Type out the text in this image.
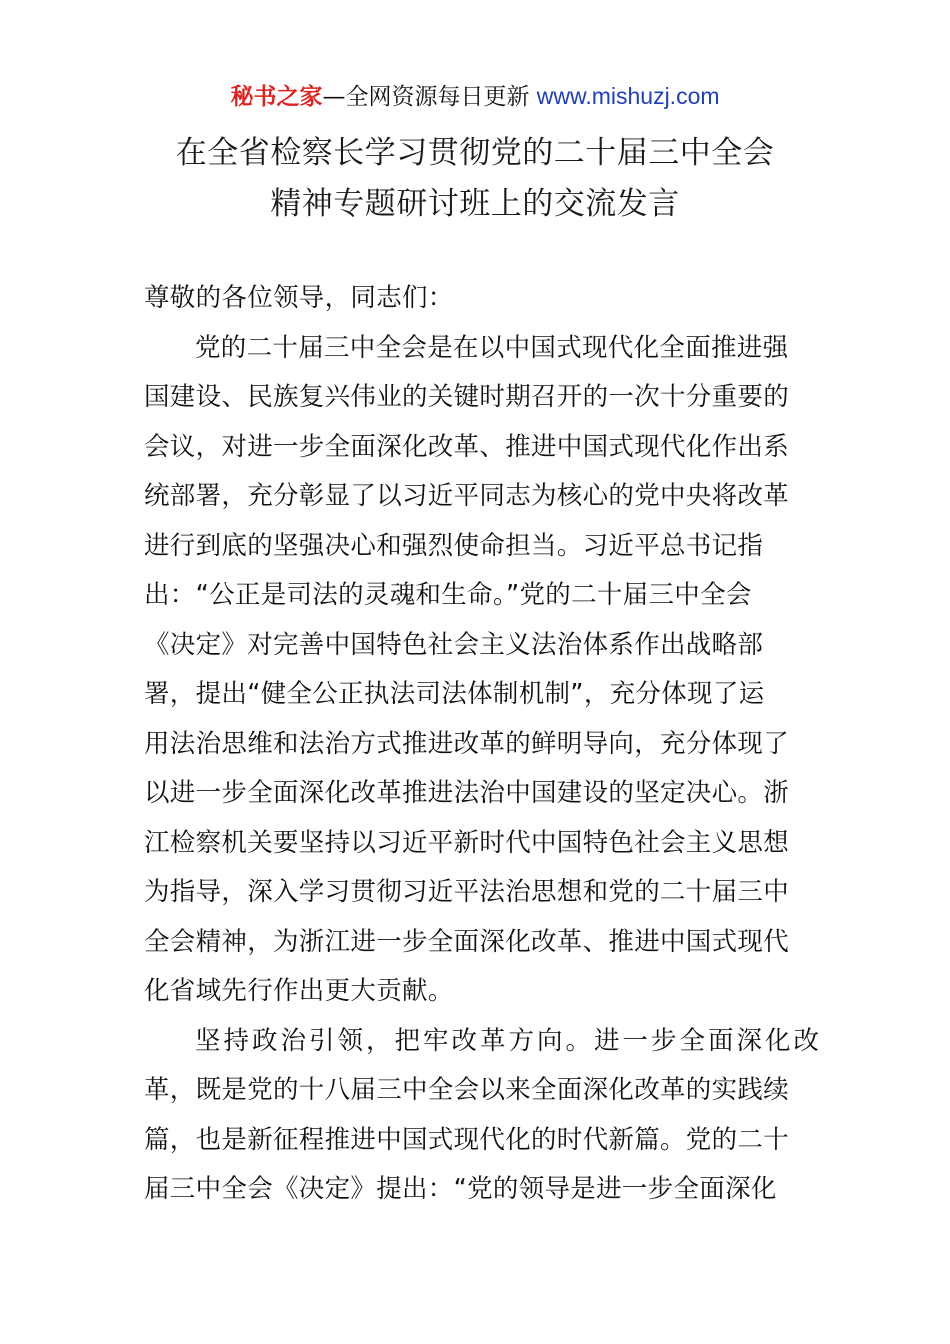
秘书之家—全网资源每日更新 www.mishuzj.com
在全省检察长学习贯彻党的二十届三中全会
精神专题研讨班上的交流发言
尊敬的各位领导，同志们：
党的二十届三中全会是在以中国式现代化全面推进强
国建设、民族复兴伟业的关键时期召开的一次十分重要的
会议，对进一步全面深化改革、推进中国式现代化作出系
统部署，充分彰显了以习近平同志为核心的党中央将改革
进行到底的坚强决心和强烈使命担当。习近平总书记指
出：“公正是司法的灵魂和生命。”党的二十届三中全会
《决定》对完善中国特色社会主义法治体系作出战略部
署，提出“健全公正执法司法体制机制”，充分体现了运
用法治思维和法治方式推进改革的鲜明导向，充分体现了
以进一步全面深化改革推进法治中国建设的坚定决心。浙
江检察机关要坚持以习近平新时代中国特色社会主义思想
为指导，深入学习贯彻习近平法治思想和党的二十届三中
全会精神，为浙江进一步全面深化改革、推进中国式现代
化省域先行作出更大贡献。
坚持政治引领，把牢改革方向。进一步全面深化改
革，既是党的十八届三中全会以来全面深化改革的实践续
篇，也是新征程推进中国式现代化的时代新篇。党的二十
届三中全会《决定》提出：“党的领导是进一步全面深化
